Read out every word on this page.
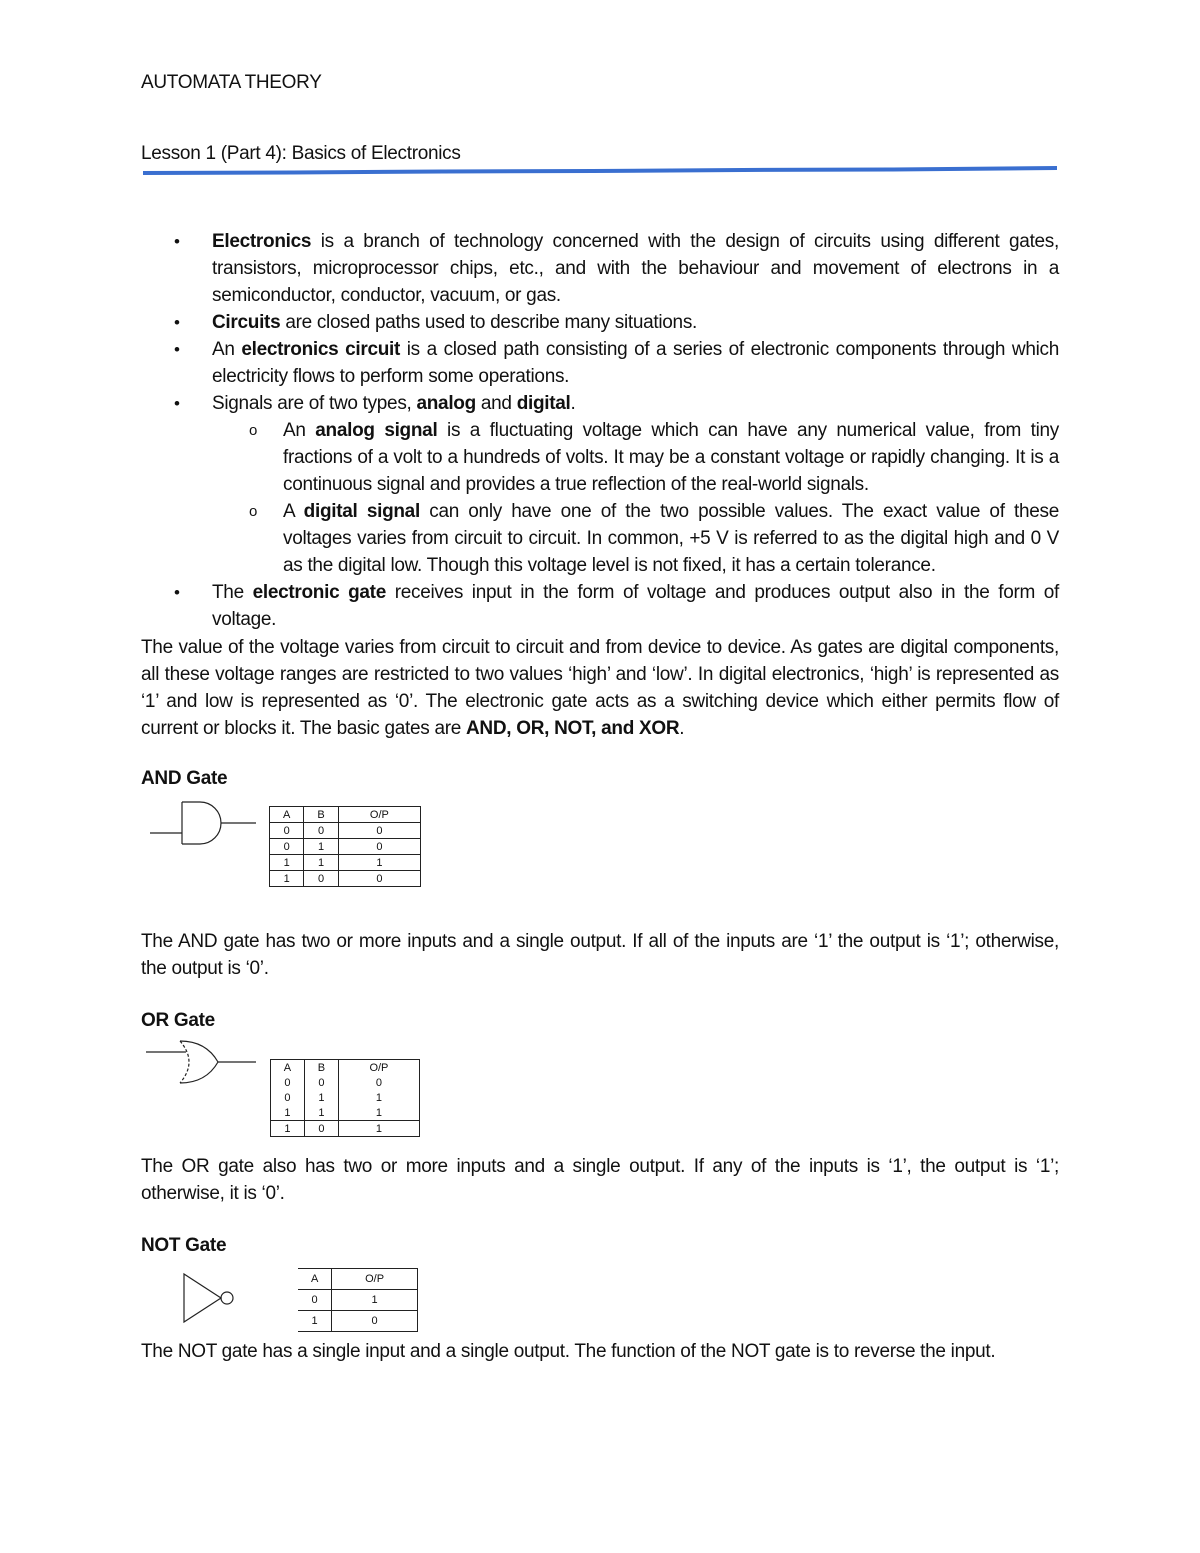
AUTOMATA THEORY
Lesson 1 (Part 4): Basics of Electronics
• Electronics is a branch of technology concerned with the design of circuits using different gates, transistors, microprocessor chips, etc., and with the behaviour and movement of electrons in a semiconductor, conductor, vacuum, or gas.
• Circuits are closed paths used to describe many situations.
• An electronics circuit is a closed path consisting of a series of electronic components through which electricity flows to perform some operations.
• Signals are of two types, analog and digital.
o An analog signal is a fluctuating voltage which can have any numerical value, from tiny fractions of a volt to a hundreds of volts. It may be a constant voltage or rapidly changing. It is a continuous signal and provides a true reflection of the real-world signals.
o A digital signal can only have one of the two possible values. The exact value of these voltages varies from circuit to circuit. In common, +5 V is referred to as the digital high and 0 V as the digital low. Though this voltage level is not fixed, it has a certain tolerance.
• The electronic gate receives input in the form of voltage and produces output also in the form of voltage.

The value of the voltage varies from circuit to circuit and from device to device. As gates are digital components, all these voltage ranges are restricted to two values ‘high’ and ‘low’. In digital electronics, ‘high’ is represented as ‘1’ and low is represented as ‘0’. The electronic gate acts as a switching device which either permits flow of current or blocks it. The basic gates are AND, OR, NOT, and XOR.

AND Gate
A	B	O/P
0	0	0
0	1	0
1	1	1
1	0	0

The AND gate has two or more inputs and a single output. If all of the inputs are ‘1’ the output is ‘1’; otherwise, the output is ‘0’.

OR Gate
A	B	O/P
0	0	0
0	1	1
1	1	1
1	0	1

The OR gate also has two or more inputs and a single output. If any of the inputs is ‘1’, the output is ‘1’; otherwise, it is ‘0’.

NOT Gate
A	O/P
0	1
1	0

The NOT gate has a single input and a single output. The function of the NOT gate is to reverse the input.
